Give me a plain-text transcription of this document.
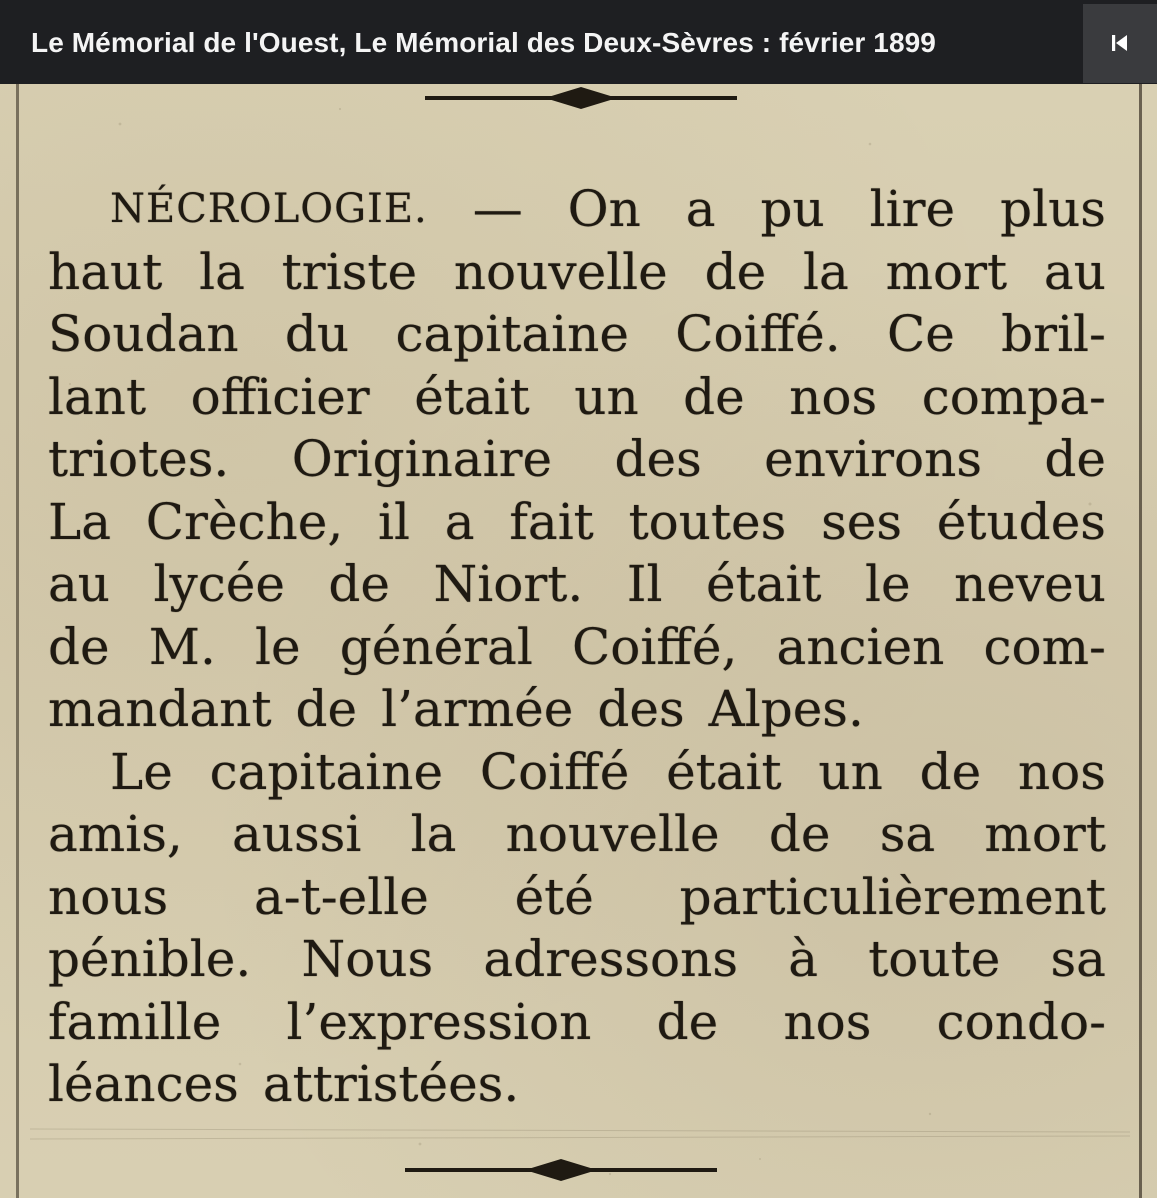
Le Mémorial de l'Ouest, Le Mémorial des Deux-Sèvres : février 1899
NÉCROLOGIE. — On a pu lire plus
haut la triste nouvelle de la mort au
Soudan du capitaine Coiffé. Ce bril-
lant officier était un de nos compa-
triotes. Originaire des environs de
La Crèche, il a fait toutes ses études
au lycée de Niort. Il était le neveu
de M. le général Coiffé, ancien com-
mandant de l’armée des Alpes.
Le capitaine Coiffé était un de nos
amis, aussi la nouvelle de sa mort
nous a-t-elle été particulièrement
pénible. Nous adressons à toute sa
famille l’expression de nos condo-
léances attristées.
